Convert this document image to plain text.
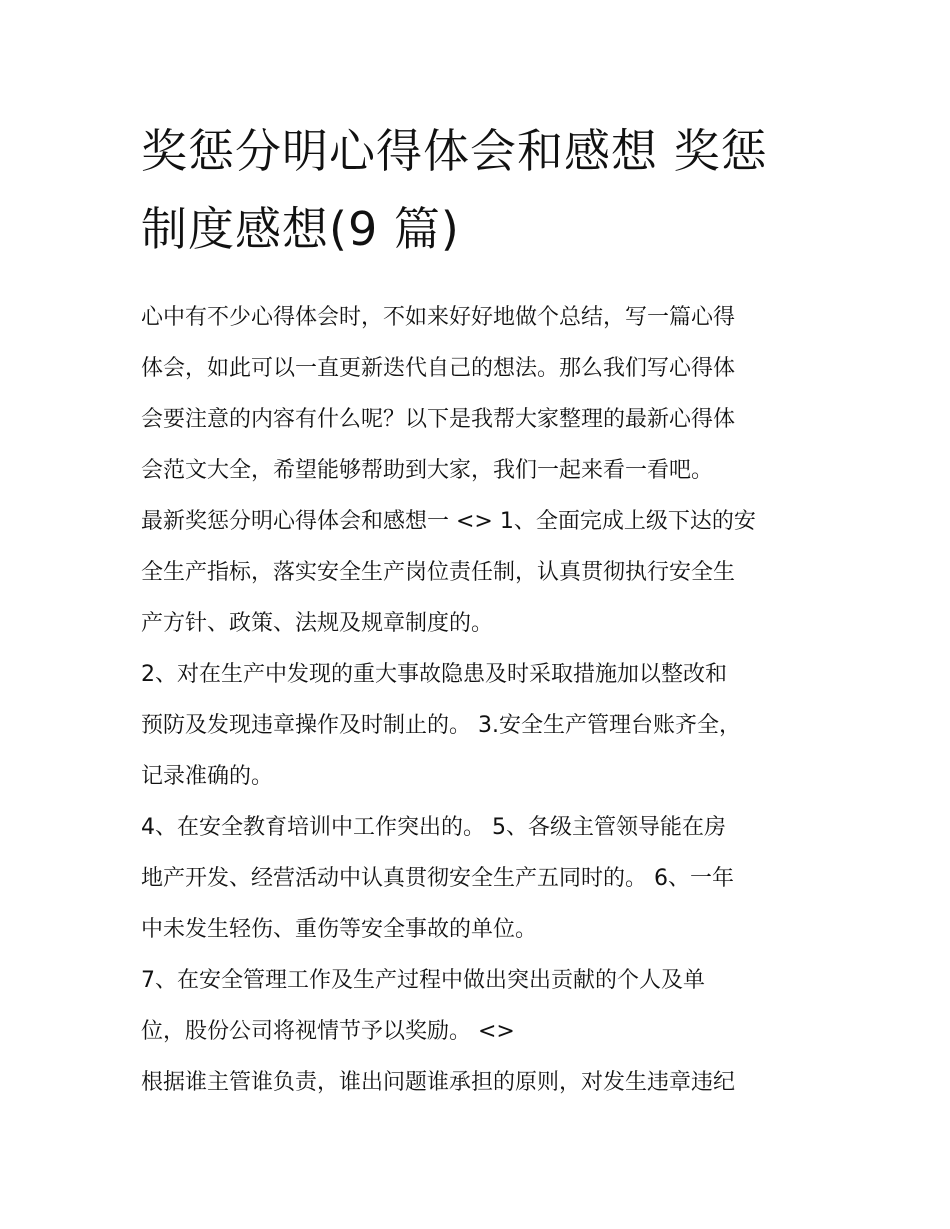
奖惩分明心得体会和感想 奖惩
制度感想(9 篇)

心中有不少心得体会时，不如来好好地做个总结，写一篇心得
体会，如此可以一直更新迭代自己的想法。那么我们写心得体
会要注意的内容有什么呢？以下是我帮大家整理的最新心得体
会范文大全，希望能够帮助到大家，我们一起来看一看吧。

最新奖惩分明心得体会和感想一 <> 1、全面完成上级下达的安
全生产指标，落实安全生产岗位责任制，认真贯彻执行安全生
产方针、政策、法规及规章制度的。

2、对在生产中发现的重大事故隐患及时采取措施加以整改和
预防及发现违章操作及时制止的。 3.安全生产管理台账齐全，
记录准确的。

4、在安全教育培训中工作突出的。 5、各级主管领导能在房
地产开发、经营活动中认真贯彻安全生产五同时的。 6、一年
中未发生轻伤、重伤等安全事故的单位。

7、在安全管理工作及生产过程中做出突出贡献的个人及单
位，股份公司将视情节予以奖励。 <>

根据谁主管谁负责，谁出问题谁承担的原则，对发生违章违纪
